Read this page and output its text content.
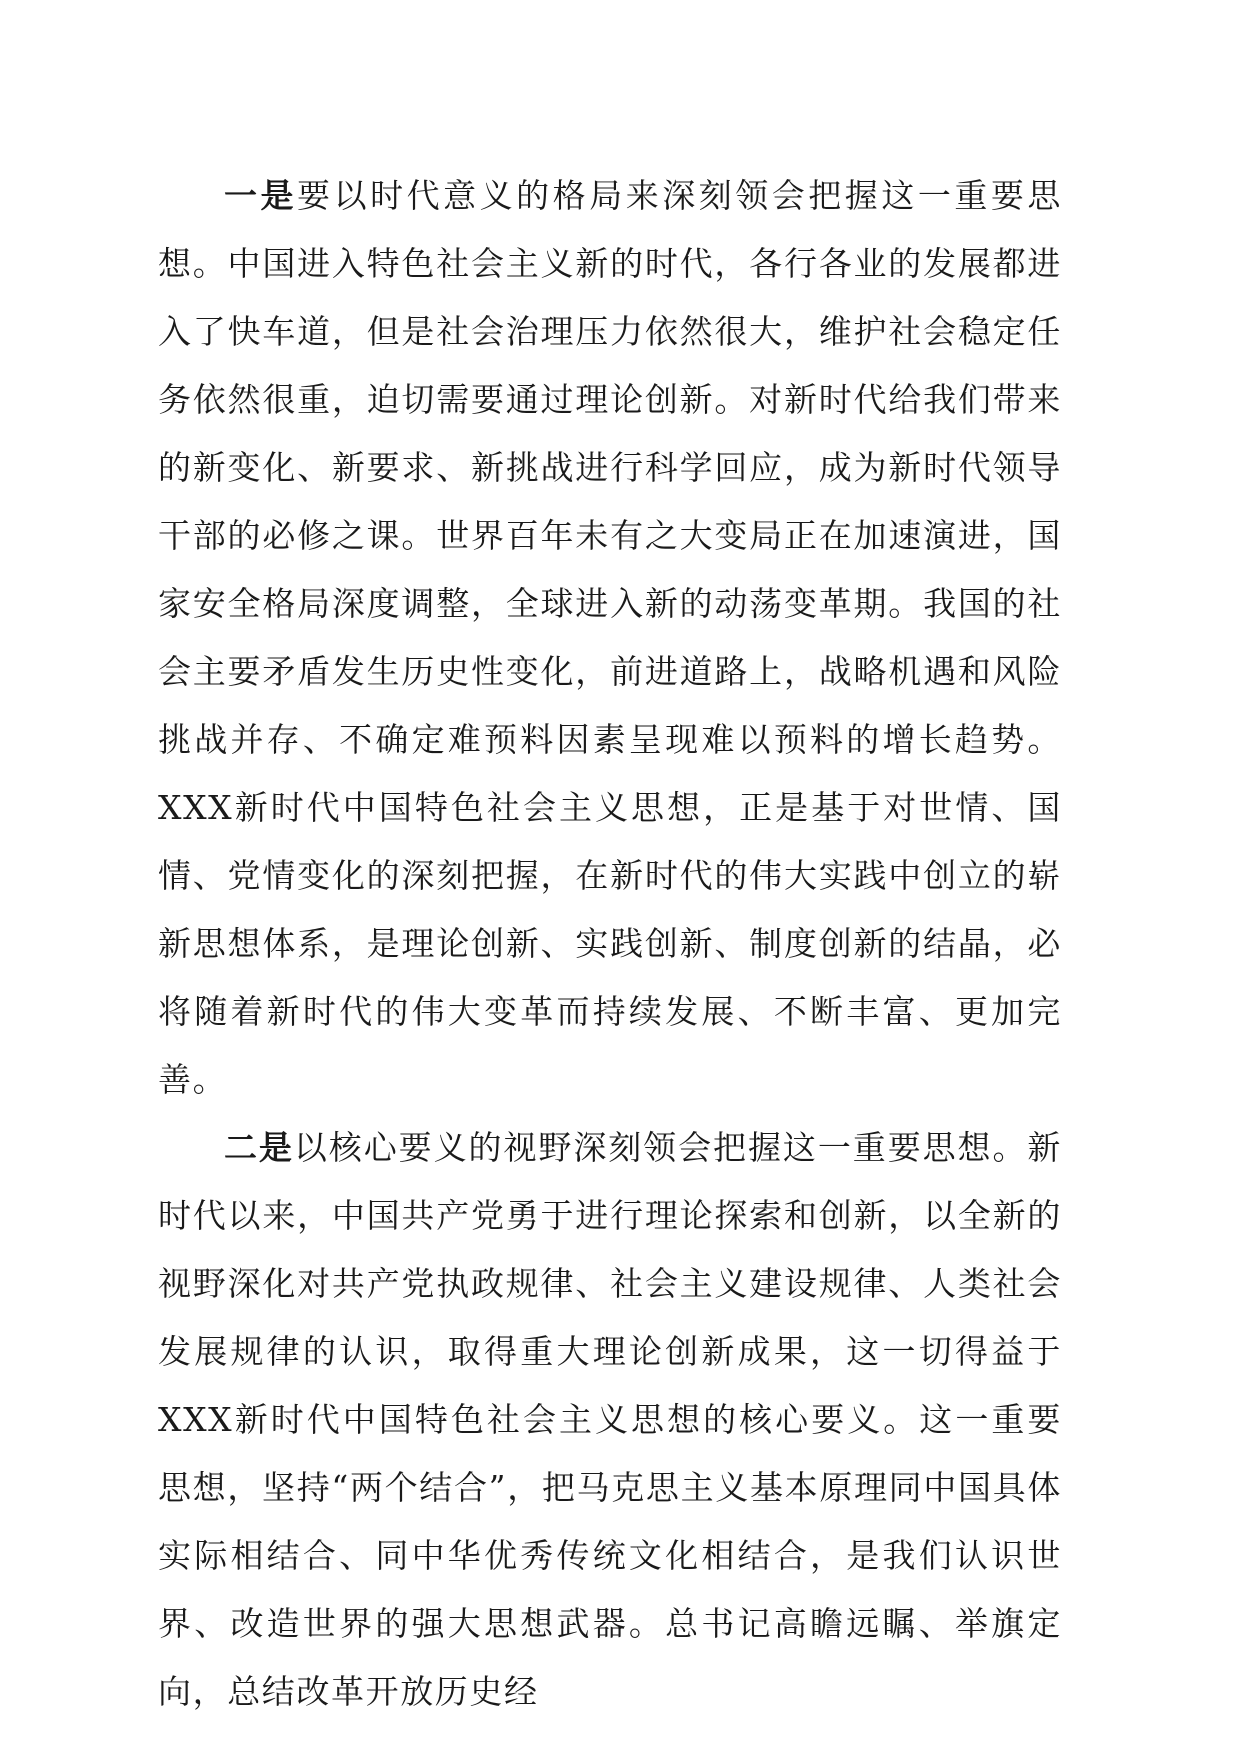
一是要以时代意义的格局来深刻领会把握这一重要思想。中国进入特色社会主义新的时代，各行各业的发展都进入了快车道，但是社会治理压力依然很大，维护社会稳定任务依然很重，迫切需要通过理论创新。对新时代给我们带来的新变化、新要求、新挑战进行科学回应，成为新时代领导干部的必修之课。世界百年未有之大变局正在加速演进，国家安全格局深度调整，全球进入新的动荡变革期。我国的社会主要矛盾发生历史性变化，前进道路上，战略机遇和风险挑战并存、不确定难预料因素呈现难以预料的增长趋势。XXX新时代中国特色社会主义思想，正是基于对世情、国情、党情变化的深刻把握，在新时代的伟大实践中创立的崭新思想体系，是理论创新、实践创新、制度创新的结晶，必将随着新时代的伟大变革而持续发展、不断丰富、更加完善。

二是以核心要义的视野深刻领会把握这一重要思想。新时代以来，中国共产党勇于进行理论探索和创新，以全新的视野深化对共产党执政规律、社会主义建设规律、人类社会发展规律的认识，取得重大理论创新成果，这一切得益于XXX新时代中国特色社会主义思想的核心要义。这一重要思想，坚持“两个结合”，把马克思主义基本原理同中国具体实际相结合、同中华优秀传统文化相结合，是我们认识世界、改造世界的强大思想武器。总书记高瞻远瞩、举旗定向，总结改革开放历史经
